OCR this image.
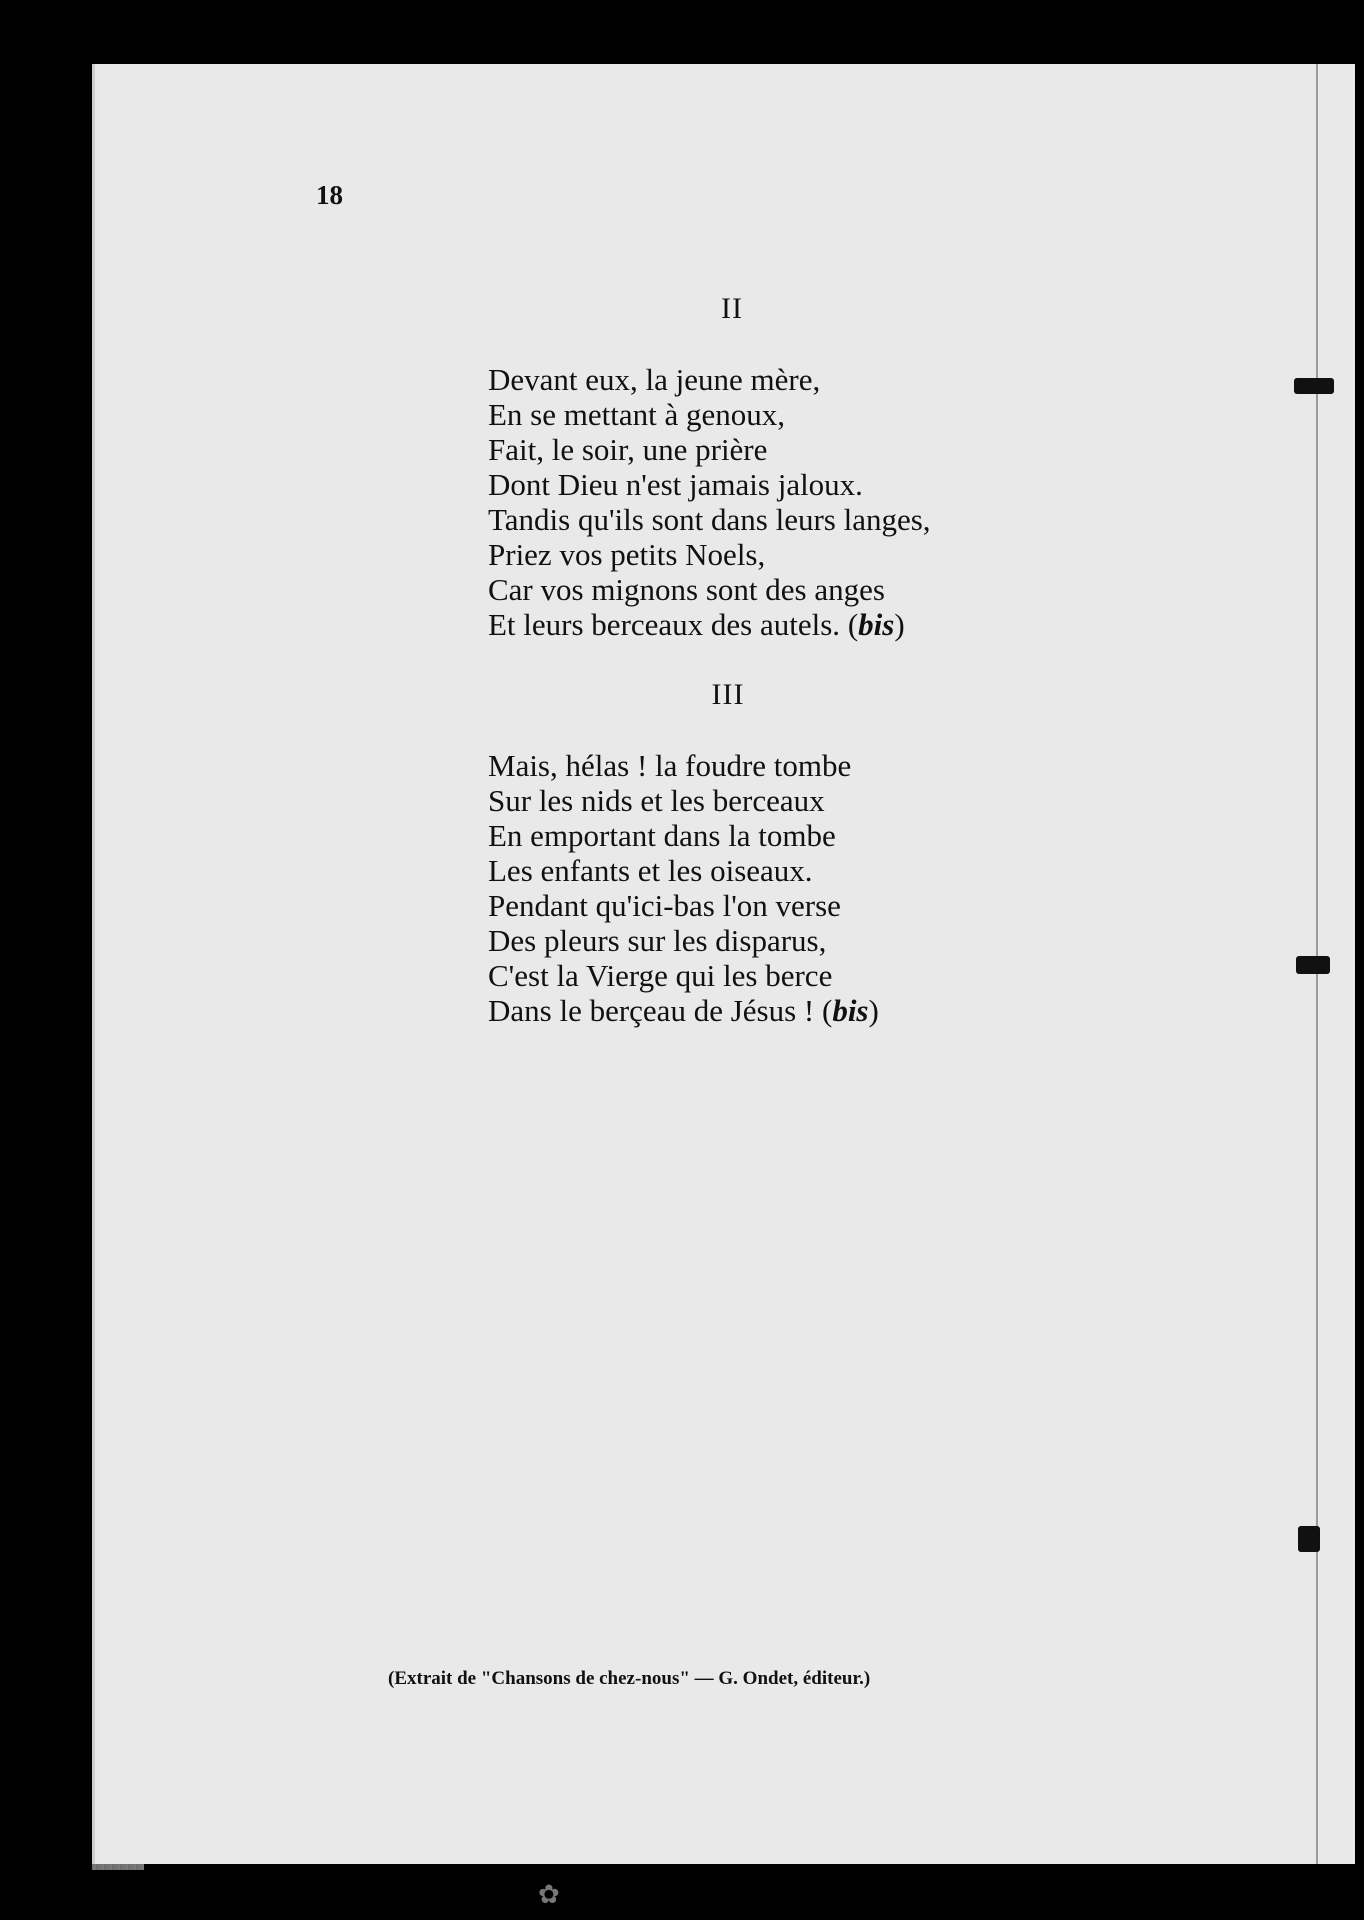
18
II
Devant eux, la jeune mère,
En se mettant à genoux,
Fait, le soir, une prière
Dont Dieu n'est jamais jaloux.
Tandis qu'ils sont dans leurs langes,
Priez vos petits Noels,
Car vos mignons sont des anges
Et leurs berceaux des autels. (bis)
III
Mais, hélas ! la foudre tombe
Sur les nids et les berceaux
En emportant dans la tombe
Les enfants et les oiseaux.
Pendant qu'ici-bas l'on verse
Des pleurs sur les disparus,
C'est la Vierge qui les berce
Dans le berçeau de Jésus ! (bis)
(Extrait de "Chansons de chez-nous" — G. Ondet, éditeur.)
✿
